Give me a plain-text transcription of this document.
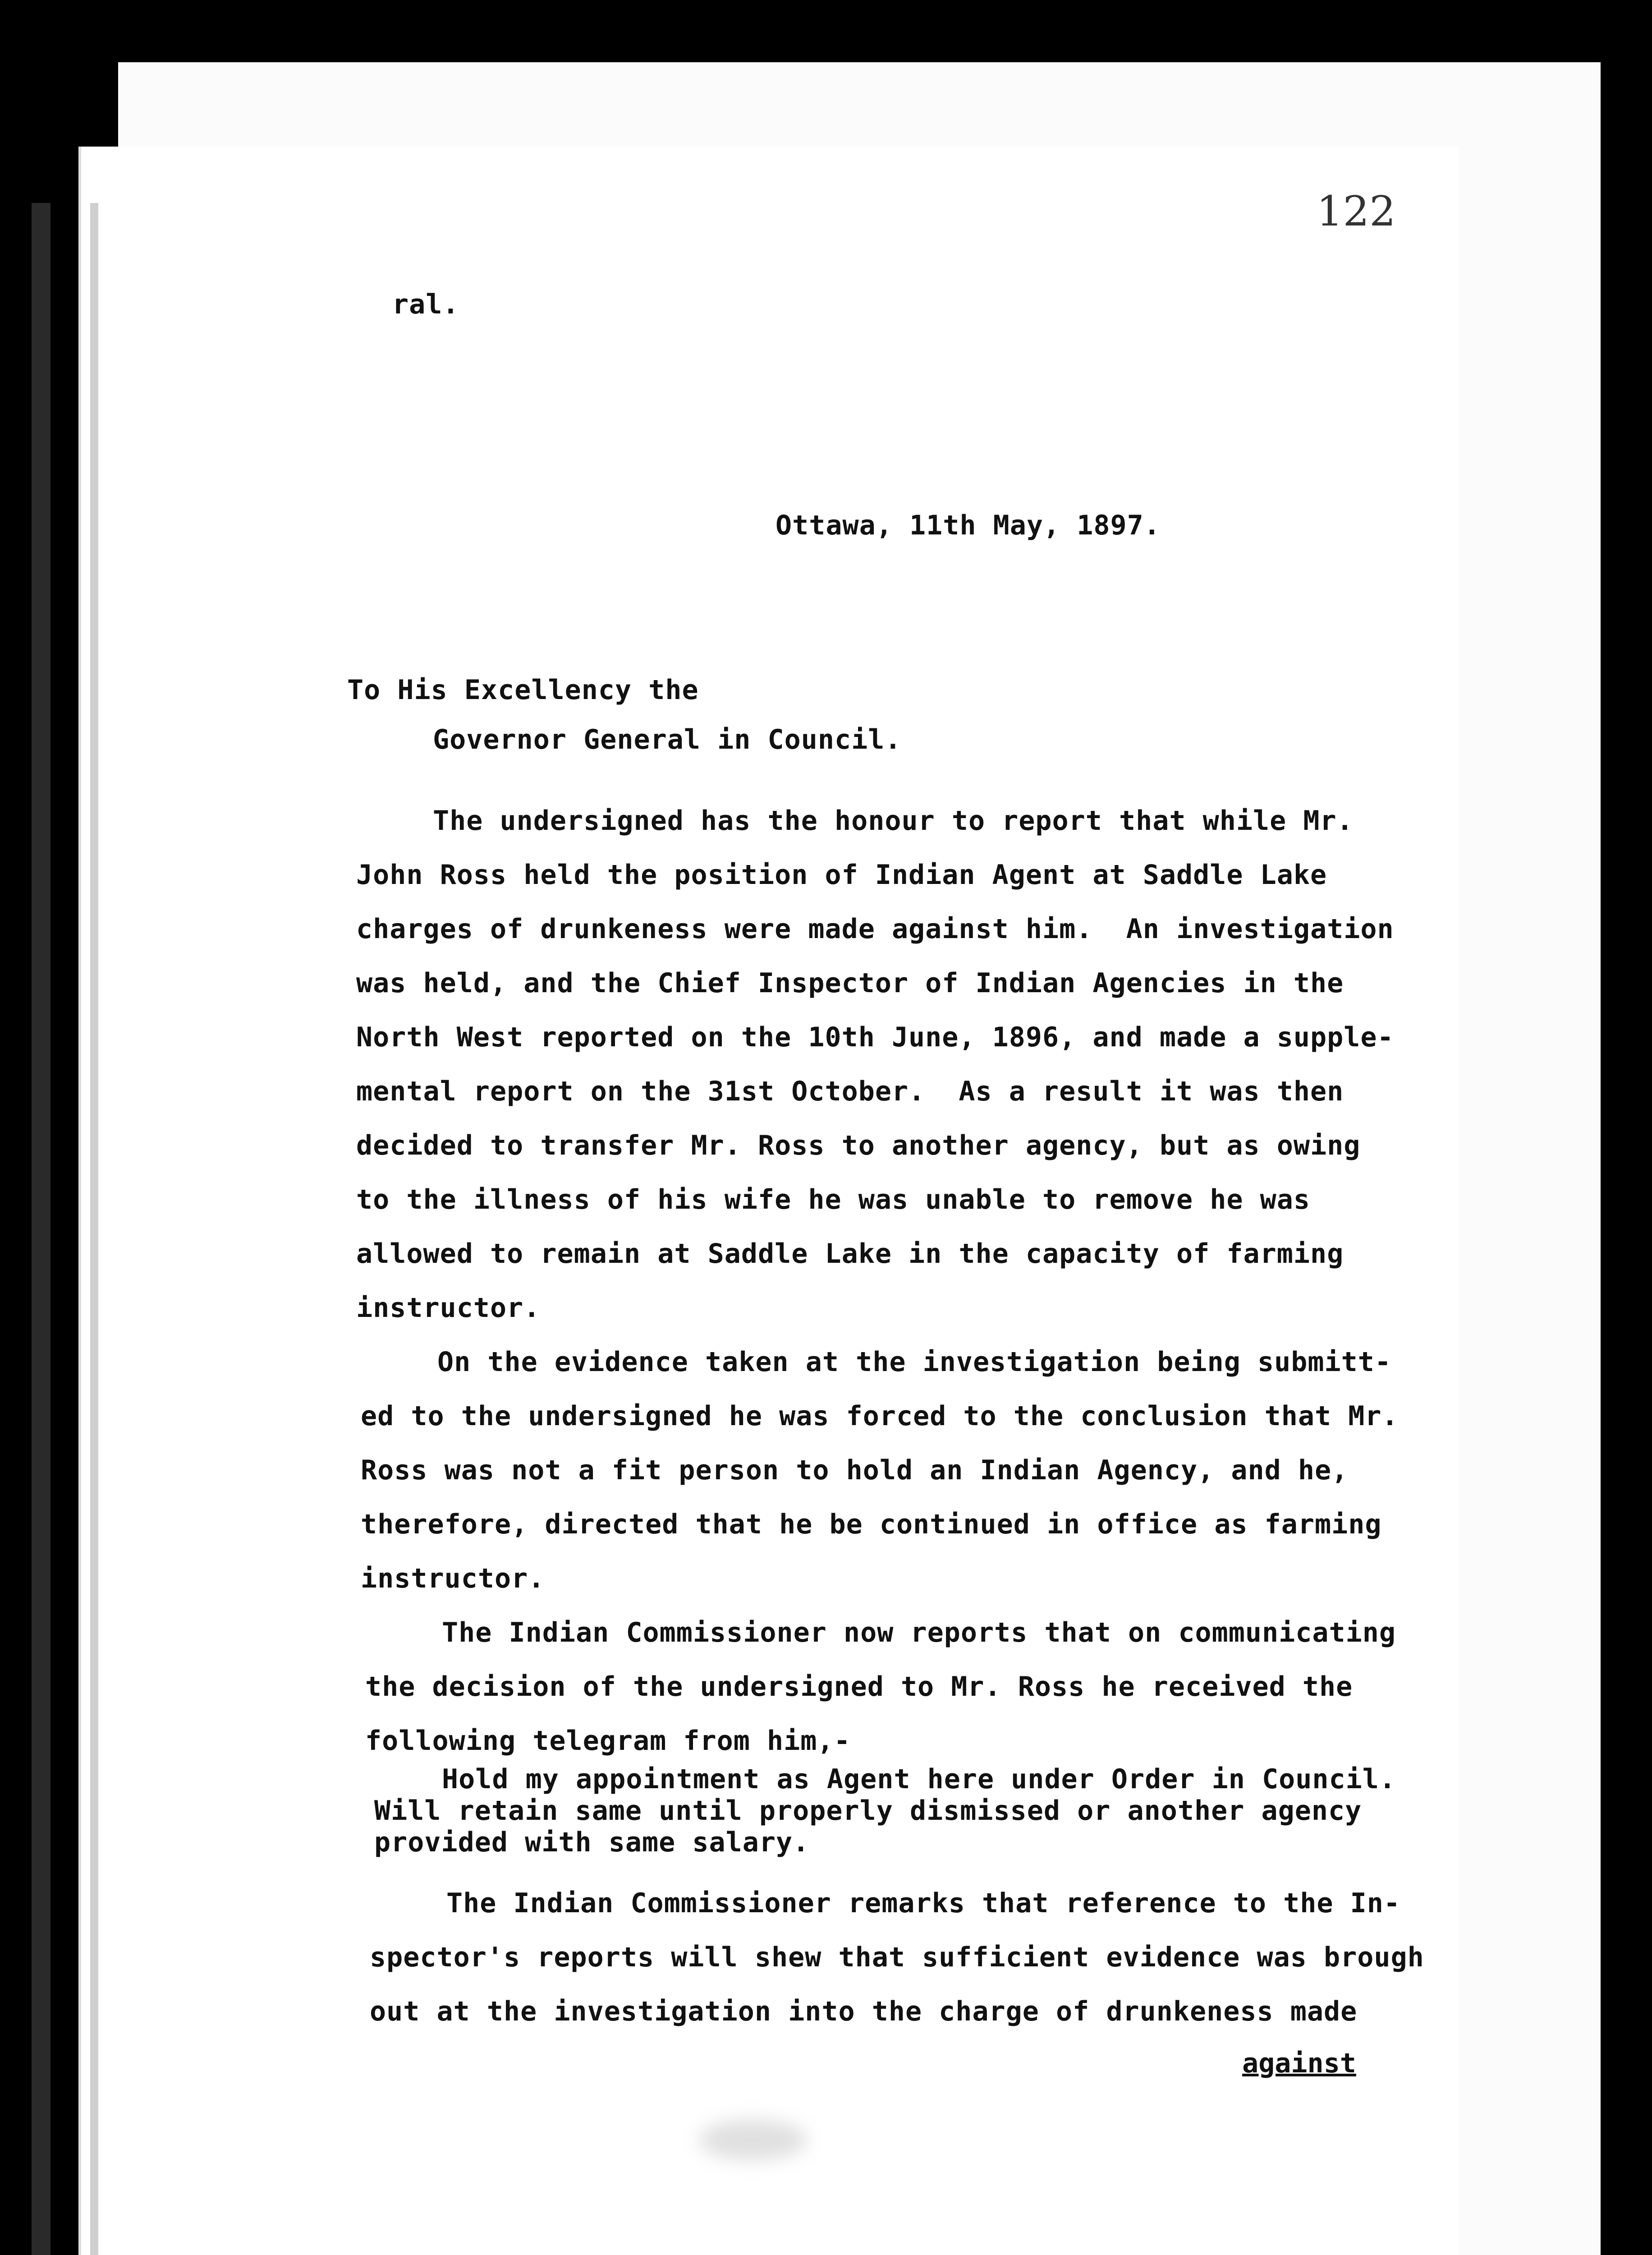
122
ral.
Ottawa, 11th May, 1897.
To His Excellency the
Governor General in Council.
The undersigned has the honour to report that while Mr.
John Ross held the position of Indian Agent at Saddle Lake
charges of drunkeness were made against him.  An investigation
was held, and the Chief Inspector of Indian Agencies in the
North West reported on the 10th June, 1896, and made a supple-
mental report on the 31st October.  As a result it was then
decided to transfer Mr. Ross to another agency, but as owing
to the illness of his wife he was unable to remove he was
allowed to remain at Saddle Lake in the capacity of farming
instructor.
On the evidence taken at the investigation being submitt-
ed to the undersigned he was forced to the conclusion that Mr.
Ross was not a fit person to hold an Indian Agency, and he,
therefore, directed that he be continued in office as farming
instructor.
The Indian Commissioner now reports that on communicating
the decision of the undersigned to Mr. Ross he received the
following telegram from him,-
Hold my appointment as Agent here under Order in Council.
Will retain same until properly dismissed or another agency
provided with same salary.
The Indian Commissioner remarks that reference to the In-
spector's reports will shew that sufficient evidence was brough
out at the investigation into the charge of drunkeness made
against
